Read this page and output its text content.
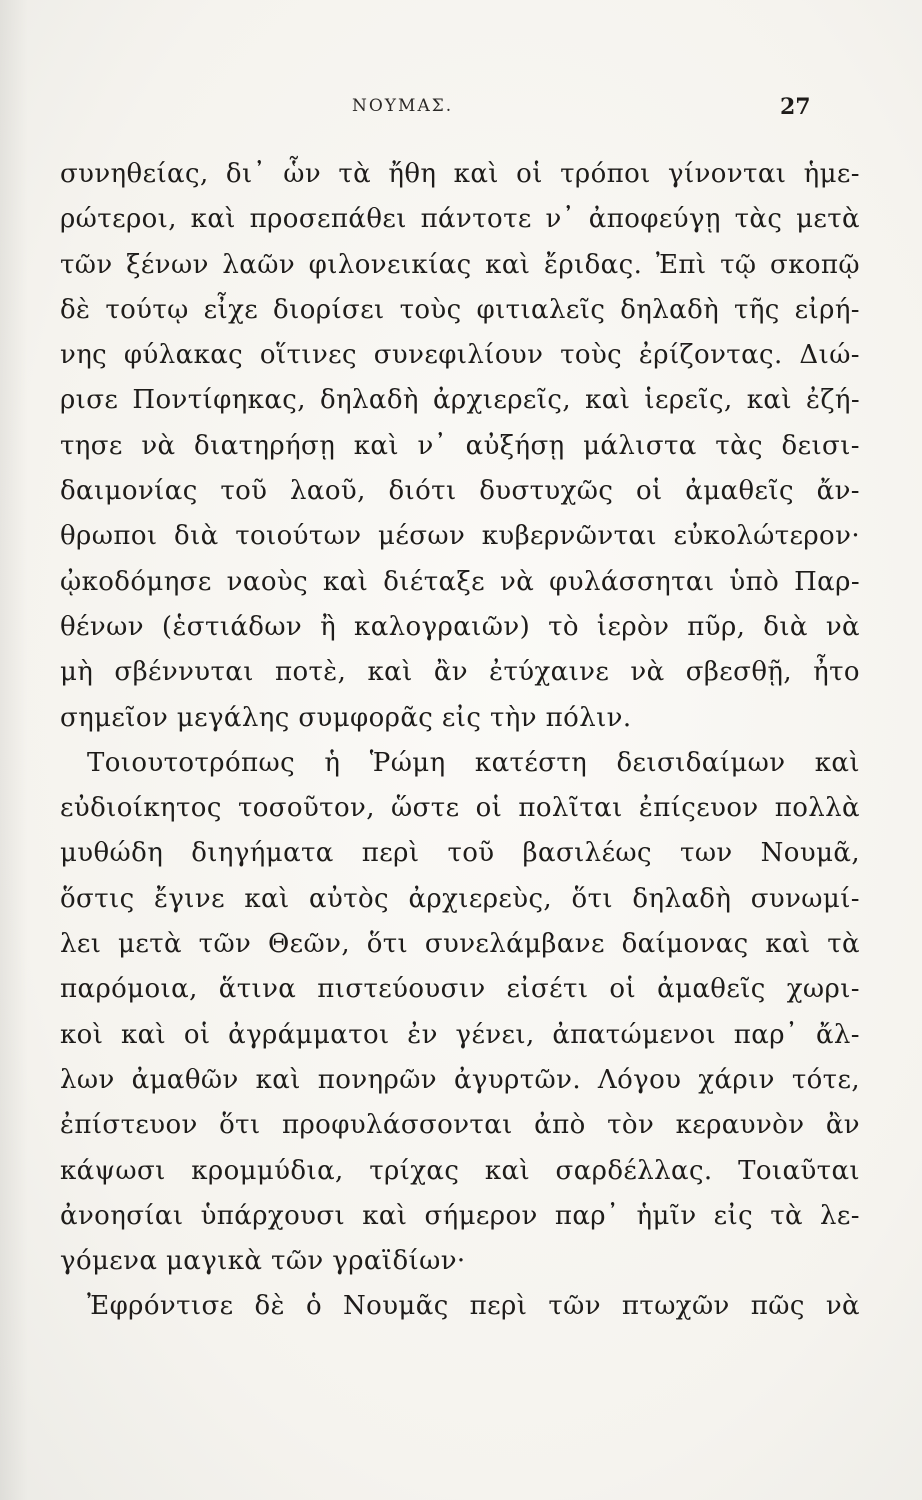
ΝΟΥΜΑΣ.	27
συνηθείας, δι᾽ ὧν τὰ ἤθη καὶ οἱ τρόποι γίνονται ἡμε-
ρώτεροι, καὶ προσεπάθει πάντοτε ν᾽ ἀποφεύγῃ τὰς μετὰ
τῶν ξένων λαῶν φιλονεικίας καὶ ἔριδας. Ἐπὶ τῷ σκοπῷ
δὲ τούτῳ εἶχε διορίσει τοὺς φιτιαλεῖς δηλαδὴ τῆς εἰρή-
νης φύλακας οἵτινες συνεφιλίουν τοὺς ἐρίζοντας. Διώ-
ρισε Ποντίφηκας, δηλαδὴ ἀρχιερεῖς, καὶ ἱερεῖς, καὶ ἐζή-
τησε νὰ διατηρήσῃ καὶ ν᾽ αὐξήσῃ μάλιστα τὰς δεισι-
δαιμονίας τοῦ λαοῦ, διότι δυστυχῶς οἱ ἀμαθεῖς ἄν-
θρωποι διὰ τοιούτων μέσων κυβερνῶνται εὐκολώτερον·
ᾠκοδόμησε ναοὺς καὶ διέταξε νὰ φυλάσσηται ὑπὸ Παρ-
θένων (ἑστιάδων ἢ καλογραιῶν) τὸ ἱερὸν πῦρ, διὰ νὰ
μὴ σβέννυται ποτὲ, καὶ ἂν ἐτύχαινε νὰ σβεσθῇ, ἦτο
σημεῖον μεγάλης συμφορᾶς εἰς τὴν πόλιν.
Τοιουτοτρόπως ἡ Ῥώμη κατέστη δεισιδαίμων καὶ
εὐδιοίκητος τοσοῦτον, ὥστε οἱ πολῖται ἐπίςευον πολλὰ
μυθώδη διηγήματα περὶ τοῦ βασιλέως των Νουμᾶ,
ὅστις ἔγινε καὶ αὐτὸς ἀρχιερεὺς, ὅτι δηλαδὴ συνωμί-
λει μετὰ τῶν Θεῶν, ὅτι συνελάμβανε δαίμονας καὶ τὰ
παρόμοια, ἅτινα πιστεύουσιν εἰσέτι οἱ ἀμαθεῖς χωρι-
κοὶ καὶ οἱ ἀγράμματοι ἐν γένει, ἀπατώμενοι παρ᾽ ἄλ-
λων ἀμαθῶν καὶ πονηρῶν ἀγυρτῶν. Λόγου χάριν τότε,
ἐπίστευον ὅτι προφυλάσσονται ἀπὸ τὸν κεραυνὸν ἂν
κάψωσι κρομμύδια, τρίχας καὶ σαρδέλλας. Τοιαῦται
ἀνοησίαι ὑπάρχουσι καὶ σήμερον παρ᾽ ἡμῖν εἰς τὰ λε-
γόμενα μαγικὰ τῶν γραϊδίων·
Ἐφρόντισε δὲ ὁ Νουμᾶς περὶ τῶν πτωχῶν πῶς νὰ
